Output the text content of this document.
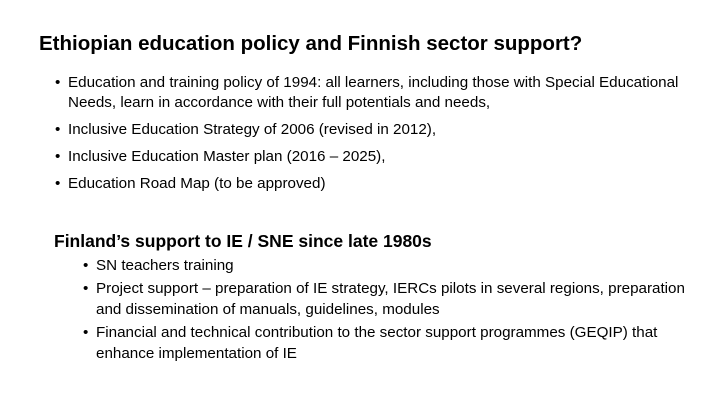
Ethiopian education policy and Finnish sector support?
• Education and training policy of 1994: all learners, including those with Special Educational Needs, learn in accordance with their full potentials and needs,
• Inclusive Education Strategy of 2006 (revised in 2012),
• Inclusive Education Master plan (2016 – 2025),
• Education Road Map (to be approved)
Finland’s support to IE / SNE since late 1980s
• SN teachers training
• Project support – preparation of IE strategy, IERCs pilots in several regions, preparation and dissemination of manuals, guidelines, modules
• Financial and technical contribution to the sector support programmes (GEQIP) that enhance implementation of IE
